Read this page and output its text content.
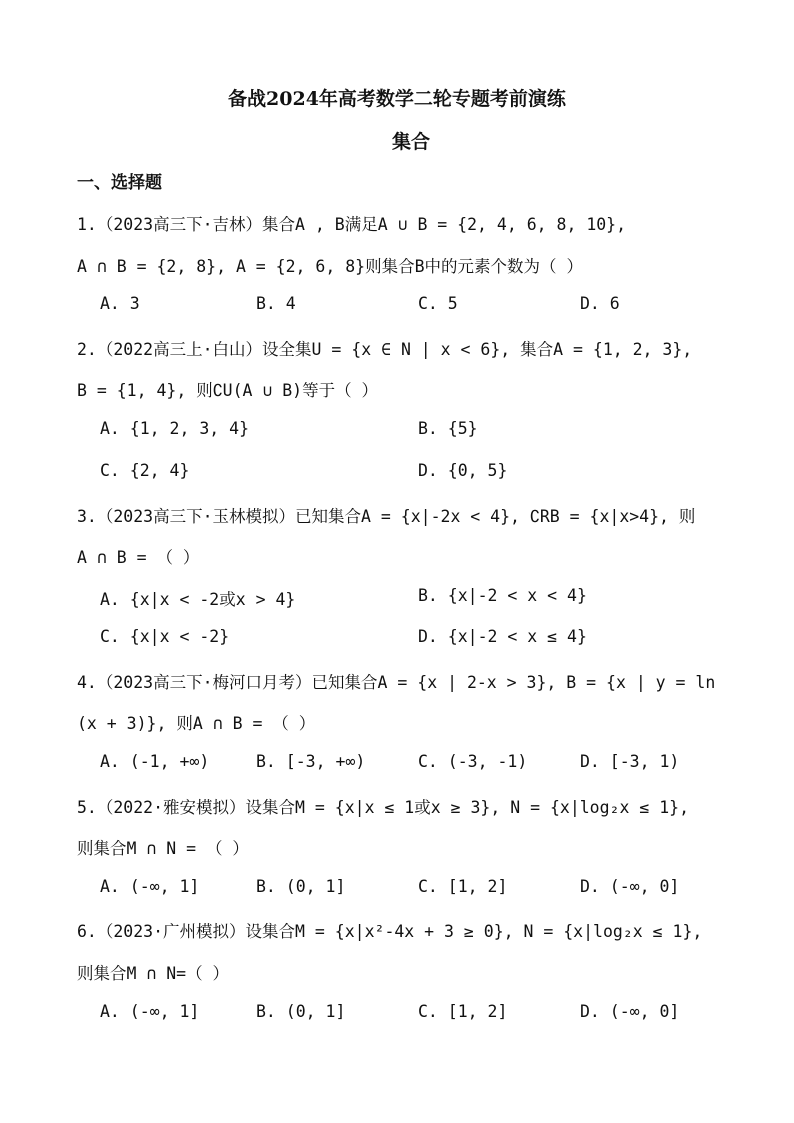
备战2024年高考数学二轮专题考前演练
集合
一、选择题
1.（2023高三下·吉林）集合A , B满足A ∪ B = {2, 4, 6, 8, 10},
A ∩ B = {2, 8}, A = {2, 6, 8}则集合B中的元素个数为（ ）
A. 3	B. 4	C. 5	D. 6
2.（2022高三上·白山）设全集U = {x ∈ N | x < 6}, 集合A = {1, 2, 3},
B = {1, 4}, 则∁U(A ∪ B)等于（ ）
A. {1, 2, 3, 4}	B. {5}
C. {2, 4}	D. {0, 5}
3.（2023高三下·玉林模拟）已知集合A = {x|-2x < 4}, ∁RB = {x|x>4}, 则
A ∩ B = （ ）
A. {x|x < -2或x > 4}	B. {x|-2 < x < 4}
C. {x|x < -2}	D. {x|-2 < x ≤ 4}
4.（2023高三下·梅河口月考）已知集合A = {x | 2-x > 3}, B = {x | y = ln
(x + 3)}, 则A ∩ B = （ ）
A. (-1, +∞)	B. [-3, +∞)	C. (-3, -1)	D. [-3, 1)
5.（2022·雅安模拟）设集合M = {x|x ≤ 1或x ≥ 3}, N = {x|log₂x ≤ 1},
则集合M ∩ N = （ ）
A. (-∞, 1]	B. (0, 1]	C. [1, 2]	D. (-∞, 0]
6.（2023·广州模拟）设集合M = {x|x²-4x + 3 ≥ 0}, N = {x|log₂x ≤ 1},
则集合M ∩ N=（ ）
A. (-∞, 1]	B. (0, 1]	C. [1, 2]	D. (-∞, 0]
